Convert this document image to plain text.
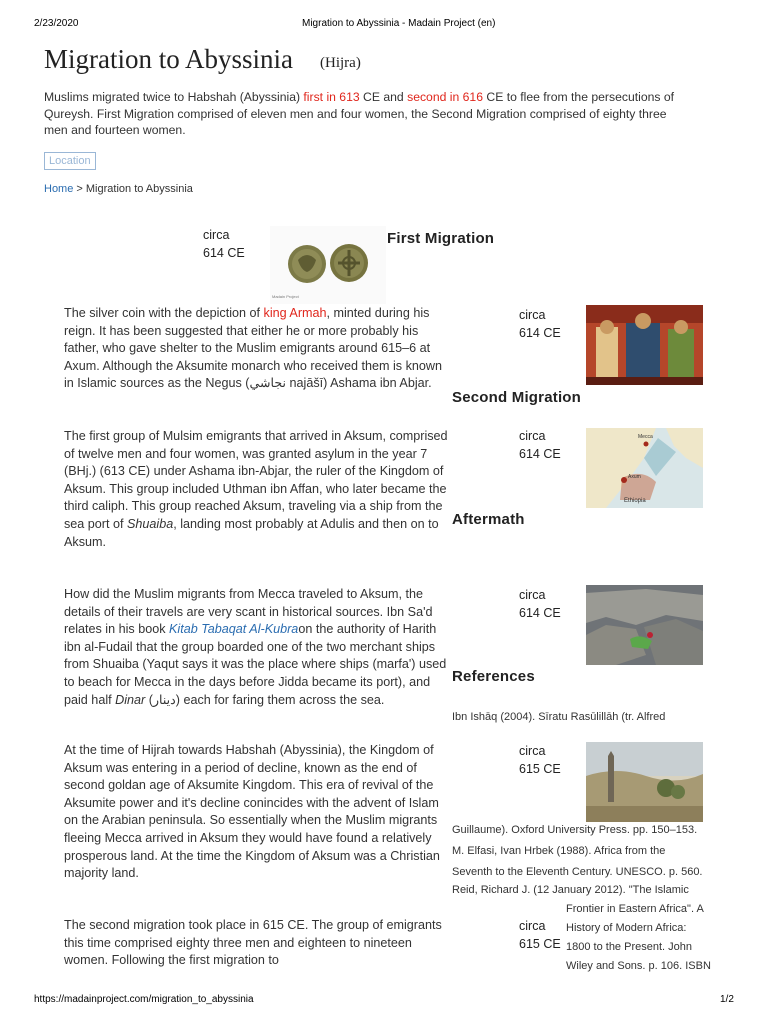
2/23/2020	Migration to Abyssinia - Madain Project (en)
Migration to Abyssinia (Hijra)
Muslims migrated twice to Habshah (Abyssinia) first in 613 CE and second in 616 CE to flee from the persecutions of Qureysh. First Migration comprised of eleven men and four women, the Second Migration comprised of eighty three men and fourteen women.
Location
Home > Migration to Abyssinia
circa
614 CE
Madain Project
First Migration
Second Migration
Aftermath
References
circa
614 CE
circa
614 CE
Mecca
Axum
Ethiopia
circa
614 CE
circa
615 CE
circa
615 CE
The silver coin with the depiction of king Armah, minted during his reign. It has been suggested that either he or more probably his father, who gave shelter to the Muslim emigrants around 615–6 at Axum. Although the Aksumite monarch who received them is known in Islamic sources as the Negus (نجاشي najāšī) Ashama ibn Abjar.
The first group of Mulsim emigrants that arrived in Aksum, comprised of twelve men and four women, was granted asylum in the year 7 (BHj.) (613 CE) under Ashama ibn-Abjar, the ruler of the Kingdom of Aksum. This group included Uthman ibn Affan, who later became the third caliph. This group reached Aksum, traveling via a ship from the sea port of Shuaiba, landing most probably at Adulis and then on to Aksum.
How did the Muslim migrants from Mecca traveled to Aksum, the details of their travels are very scant in historical sources. Ibn Sa'd relates in his book Kitab Tabaqat Al-Kubraon the authority of Harith ibn al-Fudail that the group boarded one of the two merchant ships from Shuaiba (Yaqut says it was the place where ships (marfa') used to beach for Mecca in the days before Jidda became its port), and paid half Dinar (دينار) each for faring them across the sea.
At the time of Hijrah towards Habshah (Abyssinia), the Kingdom of Aksum was entering in a period of decline, known as the end of second goldan age of Aksumite Kingdom. This era of revival of the Aksumite power and it's decline conincides with the advent of Islam on the Arabian peninsula. So essentially when the Muslim migrants fleeing Mecca arrived in Aksum they would have found a relatively prosperous land. At the time the Kingdom of Aksum was a Christian majority land.
The second migration took place in 615 CE. The group of emigrants this time comprised eighty three men and eighteen to nineteen women. Following the first migration to
Ibn Ishāq (2004). Sīratu Rasūlillāh (tr. Alfred
Guillaume). Oxford University Press. pp. 150–153.
M. Elfasi, Ivan Hrbek (1988). Africa from the
Seventh to the Eleventh Century. UNESCO. p. 560.
Reid, Richard J. (12 January 2012). "The Islamic
Frontier in Eastern Africa". A
History of Modern Africa:
1800 to the Present. John
Wiley and Sons. p. 106. ISBN
https://madainproject.com/migration_to_abyssinia	1/2
